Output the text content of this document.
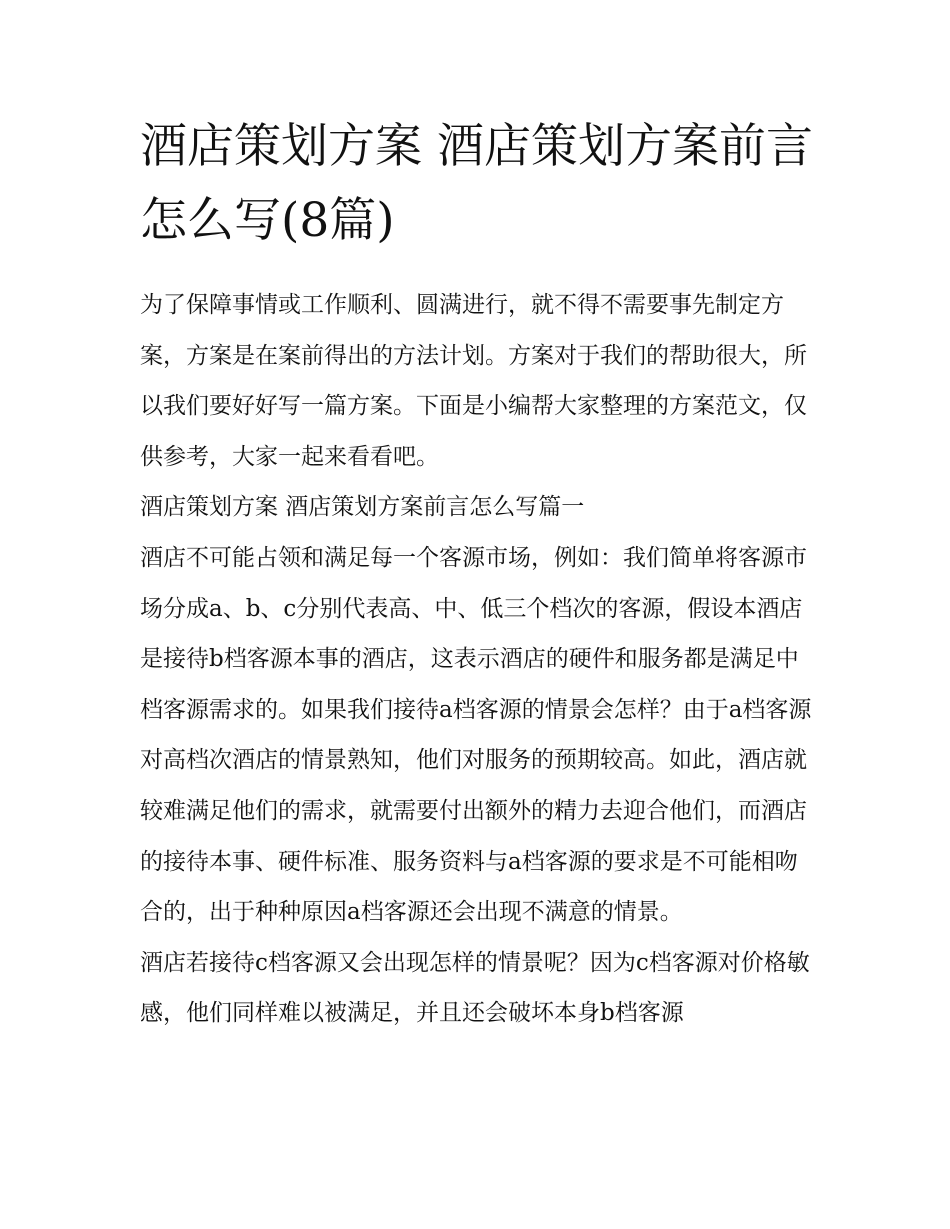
酒店策划方案 酒店策划方案前言怎么写(8篇)

为了保障事情或工作顺利、圆满进行，就不得不需要事先制定方案，方案是在案前得出的方法计划。方案对于我们的帮助很大，所以我们要好好写一篇方案。下面是小编帮大家整理的方案范文，仅供参考，大家一起来看看吧。

酒店策划方案 酒店策划方案前言怎么写篇一

酒店不可能占领和满足每一个客源市场，例如：我们简单将客源市场分成a、b、c分别代表高、中、低三个档次的客源，假设本酒店是接待b档客源本事的酒店，这表示酒店的硬件和服务都是满足中档客源需求的。如果我们接待a档客源的情景会怎样？由于a档客源对高档次酒店的情景熟知，他们对服务的预期较高。如此，酒店就较难满足他们的需求，就需要付出额外的精力去迎合他们，而酒店的接待本事、硬件标准、服务资料与a档客源的要求是不可能相吻合的，出于种种原因a档客源还会出现不满意的情景。

酒店若接待c档客源又会出现怎样的情景呢？因为c档客源对价格敏感，他们同样难以被满足，并且还会破坏本身b档客源
